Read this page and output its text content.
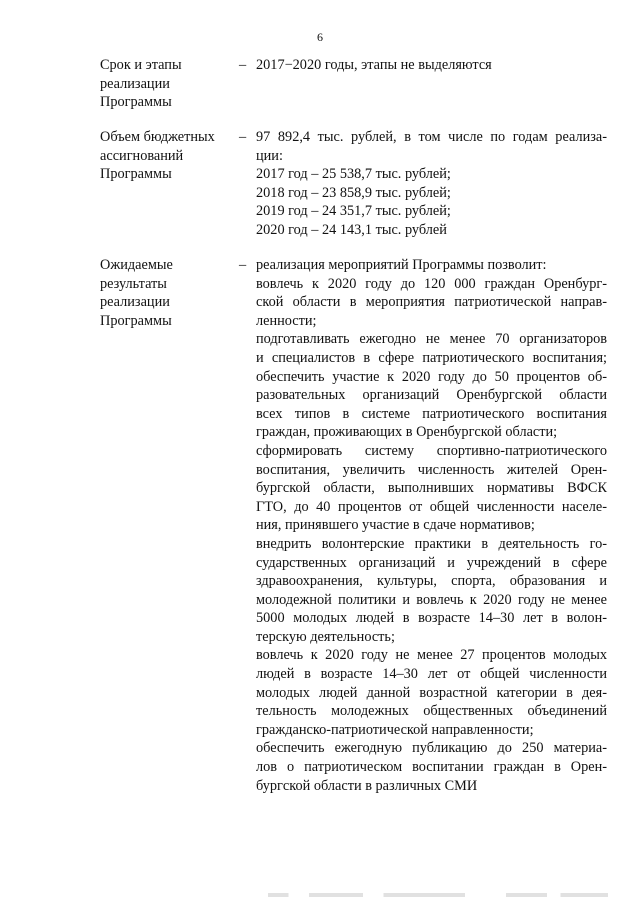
6
Срок и этапы
реализации
Программы
– 2017−2020 годы, этапы не выделяются
Объем бюджетных
ассигнований
Программы
– 97 892,4 тыс. рублей, в том числе по годам реализа-
ции:
2017 год – 25 538,7 тыс. рублей;
2018 год – 23 858,9 тыс. рублей;
2019 год – 24 351,7 тыс. рублей;
2020 год – 24 143,1 тыс. рублей
Ожидаемые
результаты
реализации
Программы
– реализация мероприятий Программы позволит:
вовлечь к 2020 году до 120 000 граждан Оренбург-
ской области в мероприятия патриотической направ-
ленности;
подготавливать ежегодно не менее 70 организаторов
и специалистов в сфере патриотического воспитания;
обеспечить участие к 2020 году до 50 процентов об-
разовательных организаций Оренбургской области
всех типов в системе патриотического воспитания
граждан, проживающих в Оренбургской области;
сформировать системy спортивно-патриотического
воспитания, увеличить численность жителей Орен-
бургской области, выполнивших нормативы ВФСК
ГТО, до 40 процентов от общей численности населе-
ния, принявшего участие в сдаче нормативов;
внедрить волонтерские практики в деятельность го-
сударственных организаций и учреждений в сфере
здравоохранения, культуры, спорта, образования и
молодежной политики и вовлечь к 2020 году не менее
5000 молодых людей в возрасте 14–30 лет в волон-
терскую деятельность;
вовлечь к 2020 году не менее 27 процентов молодых
людей в возрасте 14–30 лет от общей численности
молодых людей данной возрастной категории в дея-
тельность молодежных общественных объединений
гражданско-патриотической направленности;
обеспечить ежегодную публикацию до 250 материа-
лов о патриотическом воспитании граждан в Орен-
бургской области в различных СМИ
